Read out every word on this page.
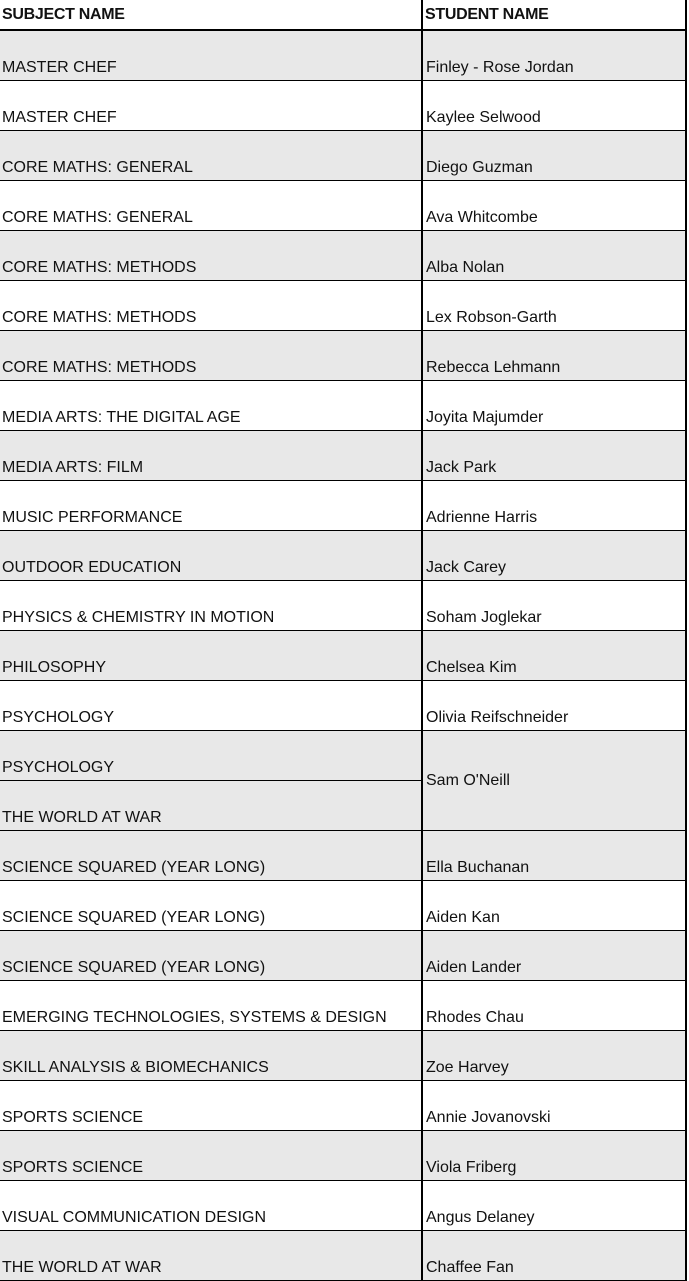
SUBJECT NAME	STUDENT NAME
MASTER CHEF	Finley - Rose Jordan
MASTER CHEF	Kaylee Selwood
CORE MATHS: GENERAL	Diego Guzman
CORE MATHS: GENERAL	Ava Whitcombe
CORE MATHS: METHODS	Alba Nolan
CORE MATHS: METHODS	Lex Robson-Garth
CORE MATHS: METHODS	Rebecca Lehmann
MEDIA ARTS: THE DIGITAL AGE	Joyita Majumder
MEDIA ARTS: FILM	Jack Park
MUSIC PERFORMANCE	Adrienne Harris
OUTDOOR EDUCATION	Jack Carey
PHYSICS & CHEMISTRY IN MOTION	Soham Joglekar
PHILOSOPHY	Chelsea Kim
PSYCHOLOGY	Olivia Reifschneider
PSYCHOLOGY	Sam O'Neill
THE WORLD AT WAR	
SCIENCE SQUARED (YEAR LONG)	Ella Buchanan
SCIENCE SQUARED (YEAR LONG)	Aiden Kan
SCIENCE SQUARED (YEAR LONG)	Aiden Lander
EMERGING TECHNOLOGIES, SYSTEMS & DESIGN	Rhodes Chau
SKILL ANALYSIS & BIOMECHANICS	Zoe Harvey
SPORTS SCIENCE	Annie Jovanovski
SPORTS SCIENCE	Viola Friberg
VISUAL COMMUNICATION DESIGN	Angus Delaney
THE WORLD AT WAR	Chaffee Fan
